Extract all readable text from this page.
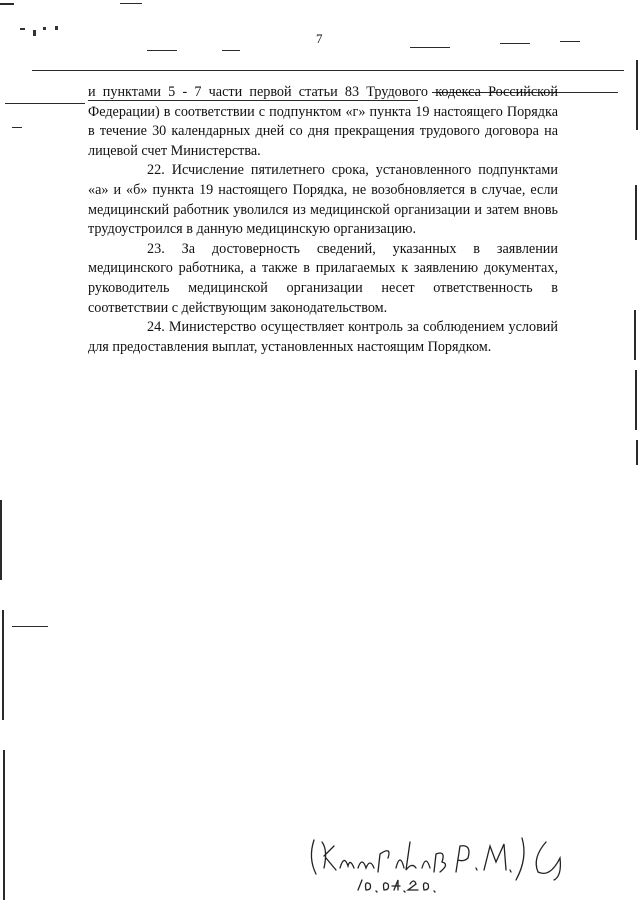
7

и пунктами 5 - 7 части первой статьи 83 Трудового кодекса Российской Федерации) в соответствии с подпунктом «г» пункта 19 настоящего Порядка в течение 30 календарных дней со дня прекращения трудового договора на лицевой счет Министерства.

22. Исчисление пятилетнего срока, установленного подпунктами «а» и «б» пункта 19 настоящего Порядка, не возобновляется в случае, если медицинский работник уволился из медицинской организации и затем вновь трудоустроился в данную медицинскую организацию.

23. За достоверность сведений, указанных в заявлении медицинского работника, а также в прилагаемых к заявлению документах, руководитель медицинской организации несет ответственность в соответствии с действующим законодательством.

24. Министерство осуществляет контроль за соблюдением условий для предоставления выплат, установленных настоящим Порядком.
